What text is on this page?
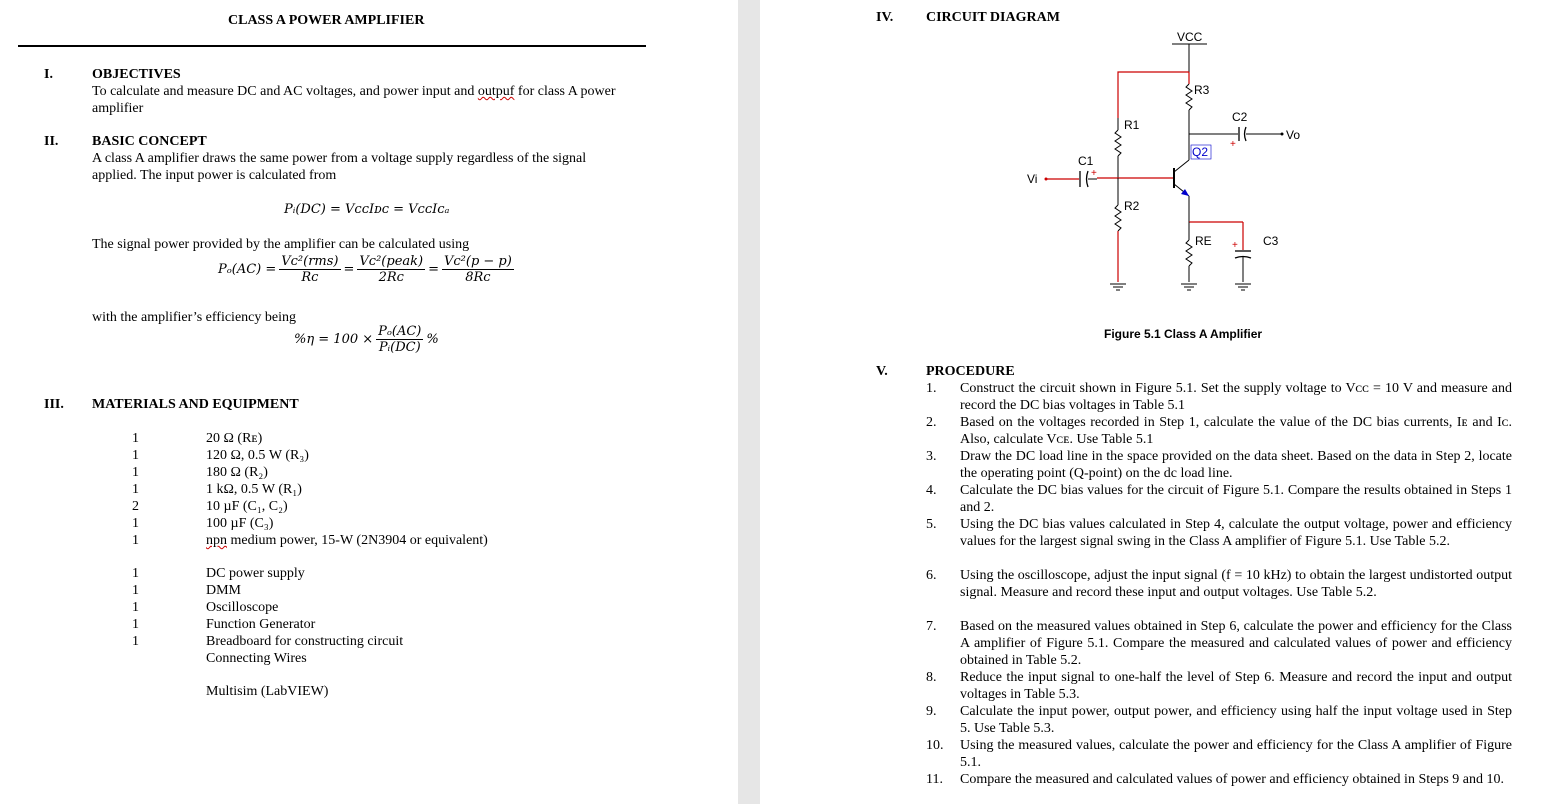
CLASS A POWER AMPLIFIER
I.	OBJECTIVES
To calculate and measure DC and AC voltages, and power input and outpuf for class A power
amplifier
II. BASIC CONCEPT
A class A amplifier draws the same power from a voltage supply regardless of the signal
applied. The input power is calculated from
Pᵢ(DC) = VᴄᴄIᴅᴄ = VᴄᴄIᴄₐ
The signal power provided by the amplifier can be calculated using
$P_o(AC) = \frac{\text{Vᴄ²(rms)}}{\text{Rᴄ}} = \frac{\text{Vᴄ²(peak)}}{\text{2Rᴄ}} = \frac{\text{Vᴄ²(p − p)}}{\text{8Rᴄ}}$
with the amplifier’s efficiency being
$\%\eta = 100 \times \frac{\text{Pₒ(AC)}}{\text{Pᵢ(DC)}}$ %
III. MATERIALS AND EQUIPMENT
1	20 Ω (Rᴇ)
1	120 Ω, 0.5 W (R₃)
1	180 Ω (R₂)
1	1 kΩ, 0.5 W (R₁)
2	10 µF (C₁, C₂)
1	100 µF (C₃)
1	npn medium power, 15-W (2N3904 or equivalent)
1	DC power supply
1	DMM
1	Oscilloscope
1	Function Generator
1	Breadboard for constructing circuit
Connecting Wires
Multisim (LabVIEW)
IV. CIRCUIT DIAGRAM
VCC
R3
C2
+
Vo
R1
Q2
Vi
C1
+
R2
RE + C3
Figure 5.1 Class A Amplifier
V.	PROCEDURE
1.	Construct the circuit shown in Figure 5.1. Set the supply voltage to Vᴄᴄ = 10 V and measure and record the DC bias voltages in Table 5.1
2.	Based on the voltages recorded in Step 1, calculate the value of the DC bias currents, Iᴇ and Iᴄ. Also, calculate Vᴄᴇ. Use Table 5.1
3.	Draw the DC load line in the space provided on the data sheet. Based on the data in Step 2, locate the operating point (Q-point) on the dc load line.
4.	Calculate the DC bias values for the circuit of Figure 5.1. Compare the results obtained in Steps 1 and 2.
5.	Using the DC bias values calculated in Step 4, calculate the output voltage, power and efficiency values for the largest signal swing in the Class A amplifier of Figure 5.1. Use Table 5.2.
6.	Using the oscilloscope, adjust the input signal (f = 10 kHz) to obtain the largest undistorted output signal. Measure and record these input and output voltages. Use Table 5.2.
7.	Based on the measured values obtained in Step 6, calculate the power and efficiency for the Class A amplifier of Figure 5.1. Compare the measured and calculated values of power and efficiency obtained in Table 5.2.
8.	Reduce the input signal to one-half the level of Step 6. Measure and record the input and output voltages in Table 5.3.
9.	Calculate the input power, output power, and efficiency using half the input voltage used in Step 5. Use Table 5.3.
10.	Using the measured values, calculate the power and efficiency for the Class A amplifier of Figure 5.1.
11.	Compare the measured and calculated values of power and efficiency obtained in Steps 9 and 10.
